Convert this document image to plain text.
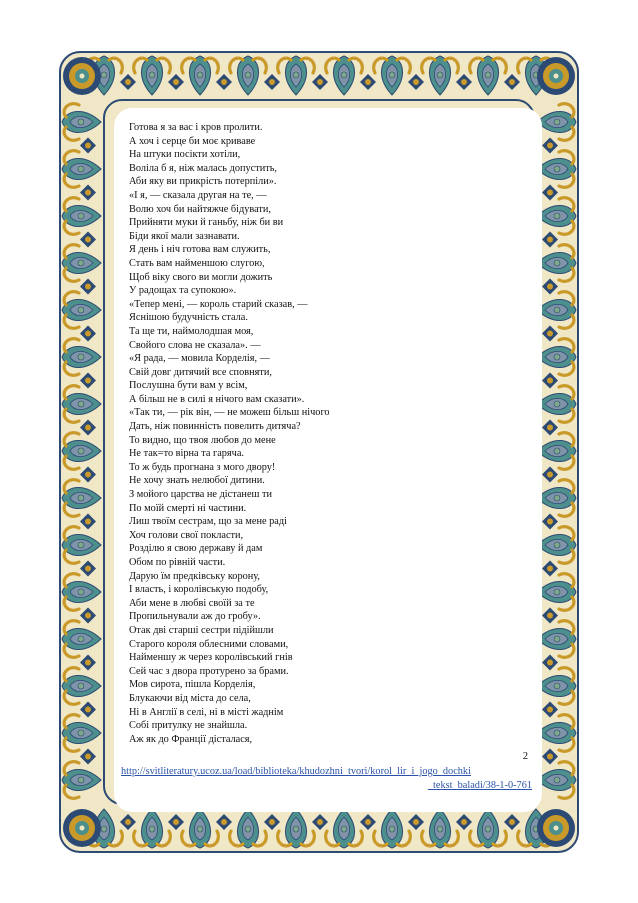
Готова я за вас і кров пролити.
А хоч і серце би моє криваве
На штуки посікти хотіли,
Воліла б я, ніж малась допустить,
Аби яку ви прикрість потерпіли».
«І я, — сказала другая на те, —
Волю хоч би найтяжче бідувати,
Прийняти муки й ганьбу, ніж би ви
Біди якої мали зазнавати.
Я день і ніч готова вам служить,
Стать вам найменшою слугою,
Щоб віку свого ви могли дожить
У радощах та супокою».
«Тепер мені, — король старий сказав, —
Яснішою будучність стала.
Та ще ти, наймолодшая моя,
Свойого слова не сказала». —
«Я рада, — мовила Корделія, —
Свій довг дитячий все сповняти,
Послушна бути вам у всім,
А більш не в силі я нічого вам сказати».
«Так ти, — рік він, — не можеш більш нічого
Дать, ніж повинність повелить дитяча?
То видно, що твоя любов до мене
Не так=то вірна та гаряча.
То ж будь прогнана з мого двору!
Не хочу знать нелюбої дитини.
З мойого царства не дістанеш ти
По моїй смерті ні частини.
Лиш твоїм сестрам, що за мене раді
Хоч голови свої покласти,
Розділю я свою державу й дам
Обом по рівній части.
Дарую їм предківську корону,
І власть, і королівськую подобу,
Аби мене в любві своїй за те
Пропильнували аж до гробу».
Отак дві старші сестри підійшли
Старого короля облесними словами,
Наймeншу ж через королівський гнів
Сей час з двора протурено за брами.
Мов сирота, пішла Корделія,
Блукаючи від міста до села,
Ні в Англії в селі, ні в місті жаднім
Собі притулку не знайшла.
Аж як до Франції дісталася,
2
http://svitliteratury.ucoz.ua/load/biblioteka/khudozhni_tvori/korol_lir_i_jogo_dochki
_tekst_baladi/38-1-0-761
